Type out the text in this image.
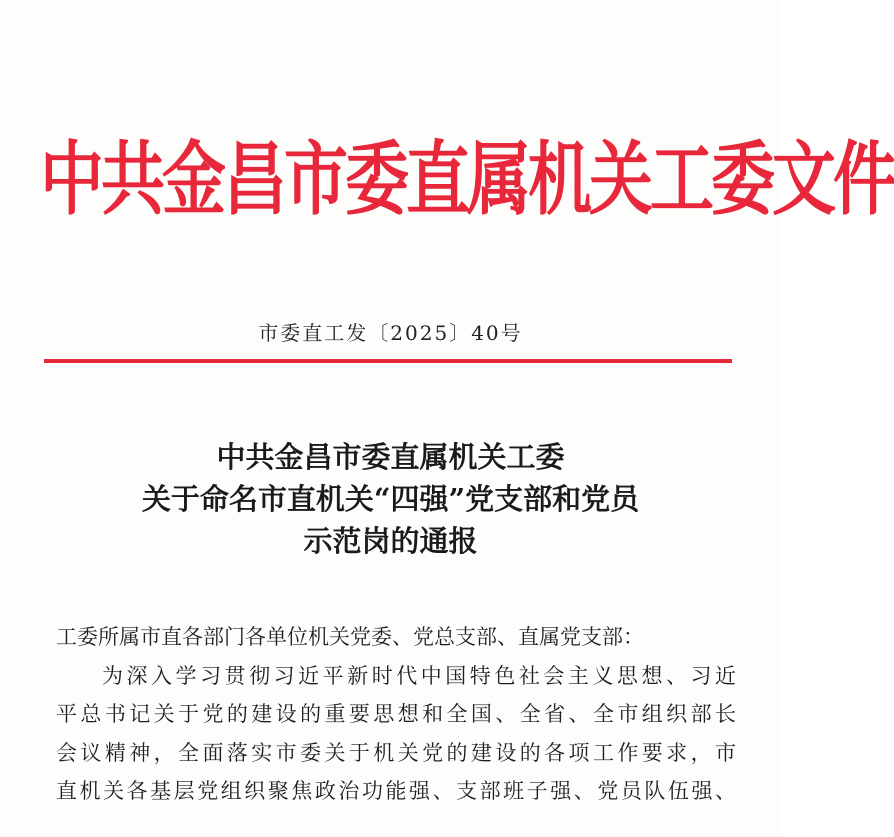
中共金昌市委直属机关工委文件
市委直工发〔2025〕40号
中共金昌市委直属机关工委
关于命名市直机关“四强”党支部和党员
示范岗的通报
工委所属市直各部门各单位机关党委、党总支部、直属党支部：
为深入学习贯彻习近平新时代中国特色社会主义思想、习近
平总书记关于党的建设的重要思想和全国、全省、全市组织部长
会议精神，全面落实市委关于机关党的建设的各项工作要求，市
直机关各基层党组织聚焦政治功能强、支部班子强、党员队伍强、
